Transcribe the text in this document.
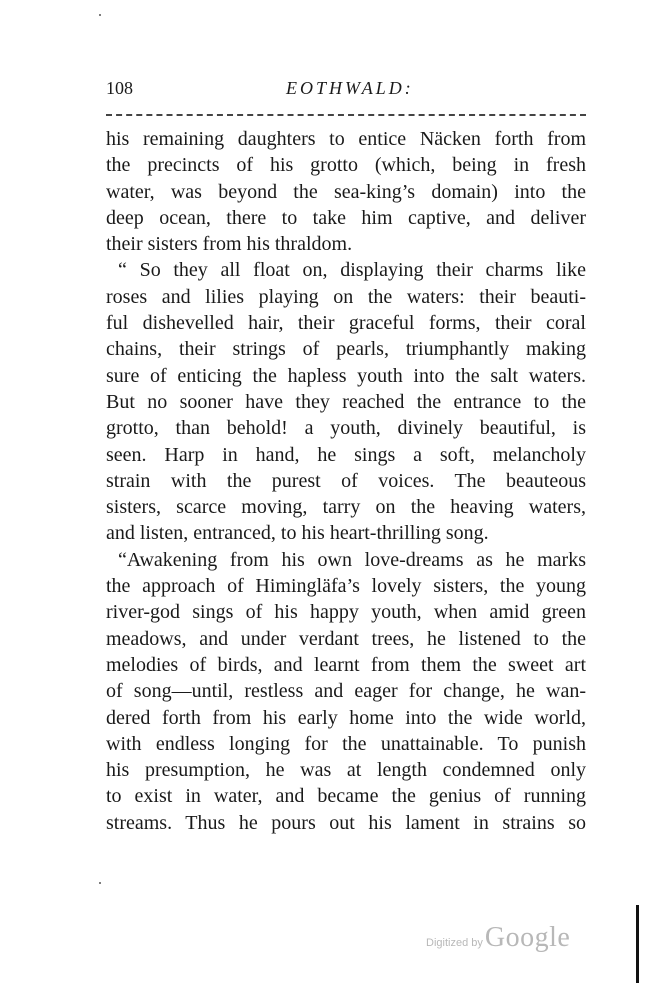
108	EOTHWALD:
his remaining daughters to entice Näcken forth from
the precincts of his grotto (which, being in fresh
water, was beyond the sea-king’s domain) into the
deep ocean, there to take him captive, and deliver
their sisters from his thraldom.
“ So they all float on, displaying their charms like
roses and lilies playing on the waters: their beauti-
ful dishevelled hair, their graceful forms, their coral
chains, their strings of pearls, triumphantly making
sure of enticing the hapless youth into the salt waters.
But no sooner have they reached the entrance to the
grotto, than behold! a youth, divinely beautiful, is
seen. Harp in hand, he sings a soft, melancholy
strain with the purest of voices. The beauteous
sisters, scarce moving, tarry on the heaving waters,
and listen, entranced, to his heart-thrilling song.
“Awakening from his own love-dreams as he marks
the approach of Himingläfa’s lovely sisters, the young
river-god sings of his happy youth, when amid green
meadows, and under verdant trees, he listened to the
melodies of birds, and learnt from them the sweet art
of song—until, restless and eager for change, he wan-
dered forth from his early home into the wide world,
with endless longing for the unattainable. To punish
his presumption, he was at length condemned only
to exist in water, and became the genius of running
streams. Thus he pours out his lament in strains so
Digitized by Google
